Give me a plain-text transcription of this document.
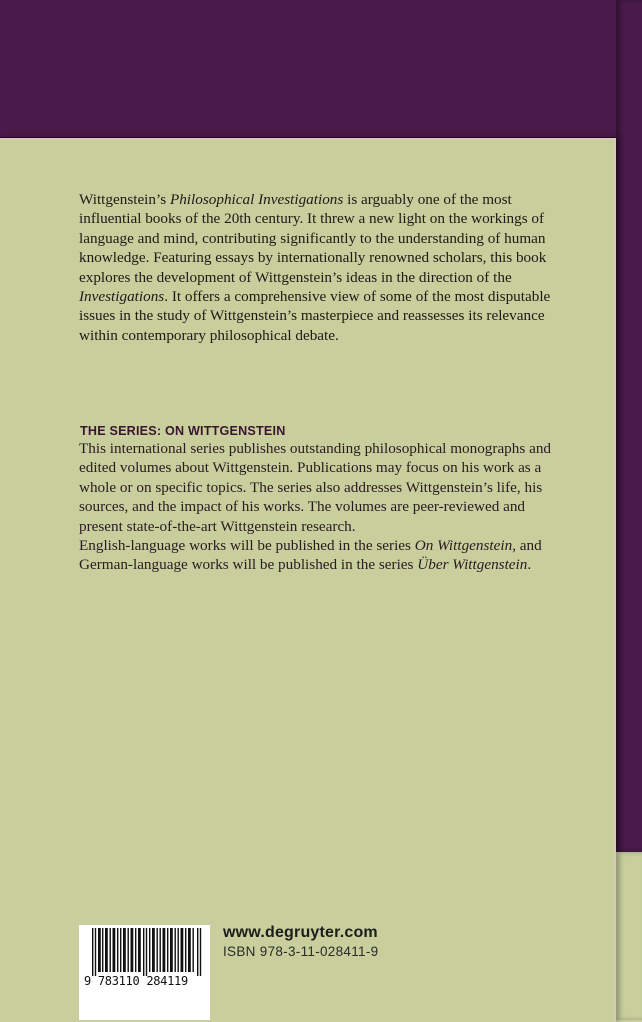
Wittgenstein’s Philosophical Investigations is arguably one of the most influential books of the 20th century. It threw a new light on the workings of language and mind, contributing significantly to the understanding of human knowledge. Featuring essays by internationally renowned scholars, this book explores the development of Wittgenstein’s ideas in the direction of the Investigations. It offers a comprehensive view of some of the most disputable issues in the study of Wittgenstein’s masterpiece and reassesses its relevance within contemporary philosophical debate.

THE SERIES: ON WITTGENSTEIN

This international series publishes outstanding philosophical monographs and edited volumes about Wittgenstein. Publications may focus on his work as a whole or on specific topics. The series also addresses Wittgenstein’s life, his sources, and the impact of his works. The volumes are peer-reviewed and present state-of-the-art Wittgenstein research.

English-language works will be published in the series On Wittgenstein, and German-language works will be published in the series Über Wittgenstein.

9 783110 284119
www.degruyter.com
ISBN 978-3-11-028411-9
